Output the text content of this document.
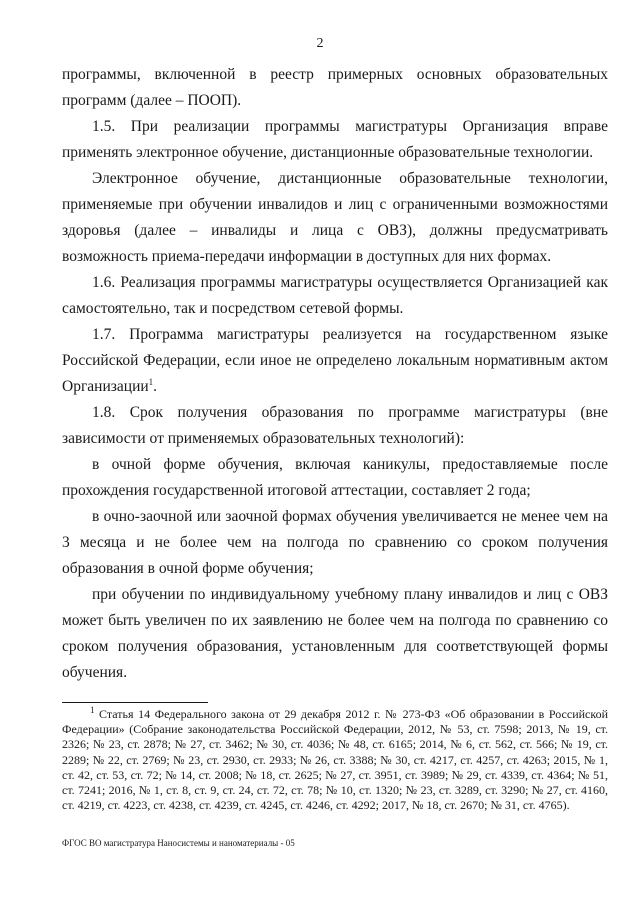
2

программы, включенной в реестр примерных основных образовательных программ (далее – ПООП).

1.5. При реализации программы магистратуры Организация вправе применять электронное обучение, дистанционные образовательные технологии.

Электронное обучение, дистанционные образовательные технологии, применяемые при обучении инвалидов и лиц с ограниченными возможностями здоровья (далее – инвалиды и лица с ОВЗ), должны предусматривать возможность приема-передачи информации в доступных для них формах.

1.6. Реализация программы магистратуры осуществляется Организацией как самостоятельно, так и посредством сетевой формы.

1.7. Программа магистратуры реализуется на государственном языке Российской Федерации, если иное не определено локальным нормативным актом Организации$^1$.

1.8. Срок получения образования по программе магистратуры (вне зависимости от применяемых образовательных технологий):

в очной форме обучения, включая каникулы, предоставляемые после прохождения государственной итоговой аттестации, составляет 2 года;

в очно-заочной или заочной формах обучения увеличивается не менее чем на 3 месяца и не более чем на полгода по сравнению со сроком получения образования в очной форме обучения;

при обучении по индивидуальному учебному плану инвалидов и лиц с ОВЗ может быть увеличен по их заявлению не более чем на полгода по сравнению со сроком получения образования, установленным для соответствующей формы обучения.

$^1$ Статья 14 Федерального закона от 29 декабря 2012 г. № 273-ФЗ «Об образовании в Российской Федерации» (Собрание законодательства Российской Федерации, 2012, № 53, ст. 7598; 2013, № 19, ст. 2326; № 23, ст. 2878; № 27, ст. 3462; № 30, ст. 4036; № 48, ст. 6165; 2014, № 6, ст. 562, ст. 566; № 19, ст. 2289; № 22, ст. 2769; № 23, ст. 2930, ст. 2933; № 26, ст. 3388; № 30, ст. 4217, ст. 4257, ст. 4263; 2015, № 1, ст. 42, ст. 53, ст. 72; № 14, ст. 2008; № 18, ст. 2625; № 27, ст. 3951, ст. 3989; № 29, ст. 4339, ст. 4364; № 51, ст. 7241; 2016, № 1, ст. 8, ст. 9, ст. 24, ст. 72, ст. 78; № 10, ст. 1320; № 23, ст. 3289, ст. 3290; № 27, ст. 4160, ст. 4219, ст. 4223, ст. 4238, ст. 4239, ст. 4245, ст. 4246, ст. 4292; 2017, № 18, ст. 2670; № 31, ст. 4765).

ФГОС ВО магистратура Наносистемы и наноматериалы - 05
